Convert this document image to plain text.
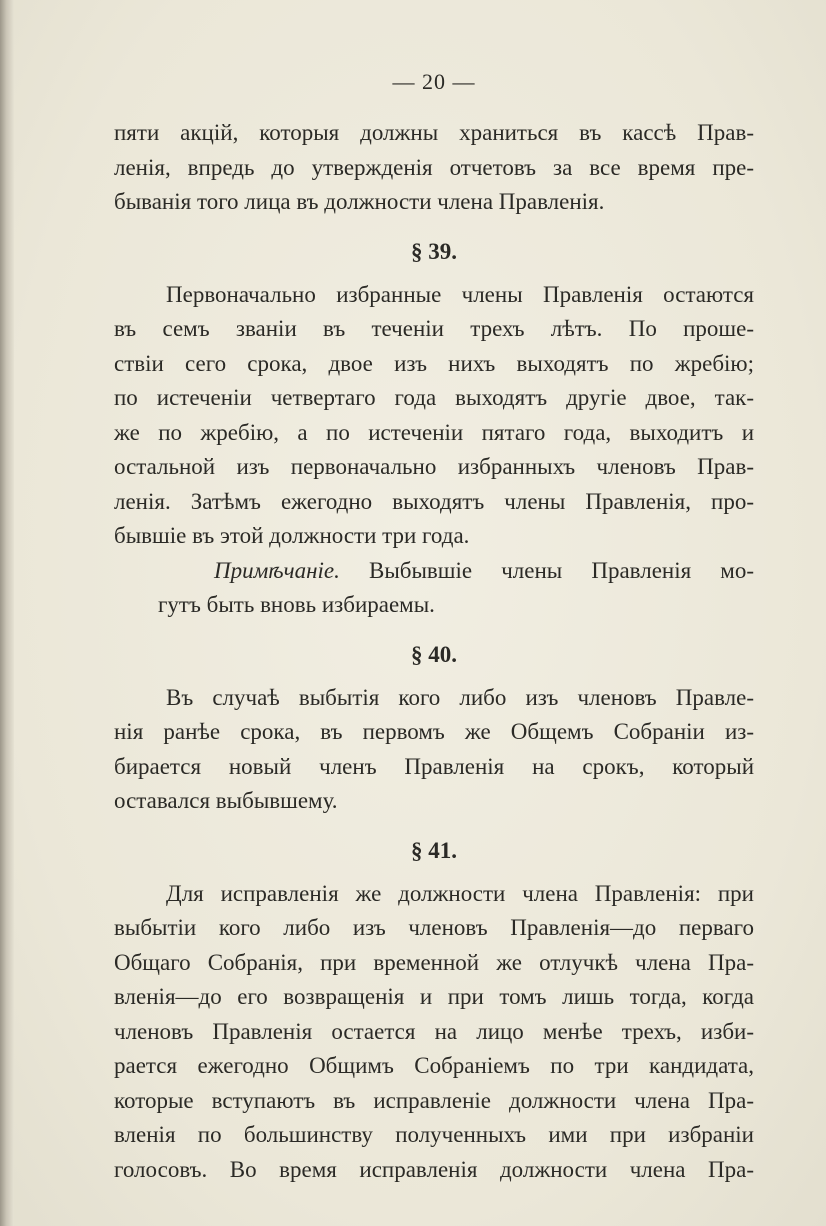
— 20 —
пяти акцій, которыя должны храниться въ кассѣ Прав-
ленія, впредь до утвержденія отчетовъ за все время пре-
быванія того лица въ должности члена Правленія.
§ 39.
Первоначально избранные члены Правленія остаются
въ семъ званіи въ теченіи трехъ лѣтъ. По проше-
ствіи сего срока, двое изъ нихъ выходятъ по жребію;
по истеченіи четвертаго года выходятъ другіе двое, так-
же по жребію, а по истеченіи пятаго года, выходитъ и
остальной изъ первоначально избранныхъ членовъ Прав-
ленія. Затѣмъ ежегодно выходятъ члены Правленія, про-
бывшіе въ этой должности три года.
Примѣчаніе. Выбывшіе члены Правленія мо-
гутъ быть вновь избираемы.
§ 40.
Въ случаѣ выбытія кого либо изъ членовъ Правле-
нія ранѣе срока, въ первомъ же Общемъ Собраніи из-
бирается новый членъ Правленія на срокъ, который
оставался выбывшему.
§ 41.
Для исправленія же должности члена Правленія: при
выбытіи кого либо изъ членовъ Правленія—до перваго
Общаго Собранія, при временной же отлучкѣ члена Пра-
вленія—до его возвращенія и при томъ лишь тогда, когда
членовъ Правленія остается на лицо менѣе трехъ, изби-
рается ежегодно Общимъ Собраніемъ по три кандидата,
которые вступаютъ въ исправленіе должности члена Пра-
вленія по большинству полученныхъ ими при избраніи
голосовъ. Во время исправленія должности члена Пра-
